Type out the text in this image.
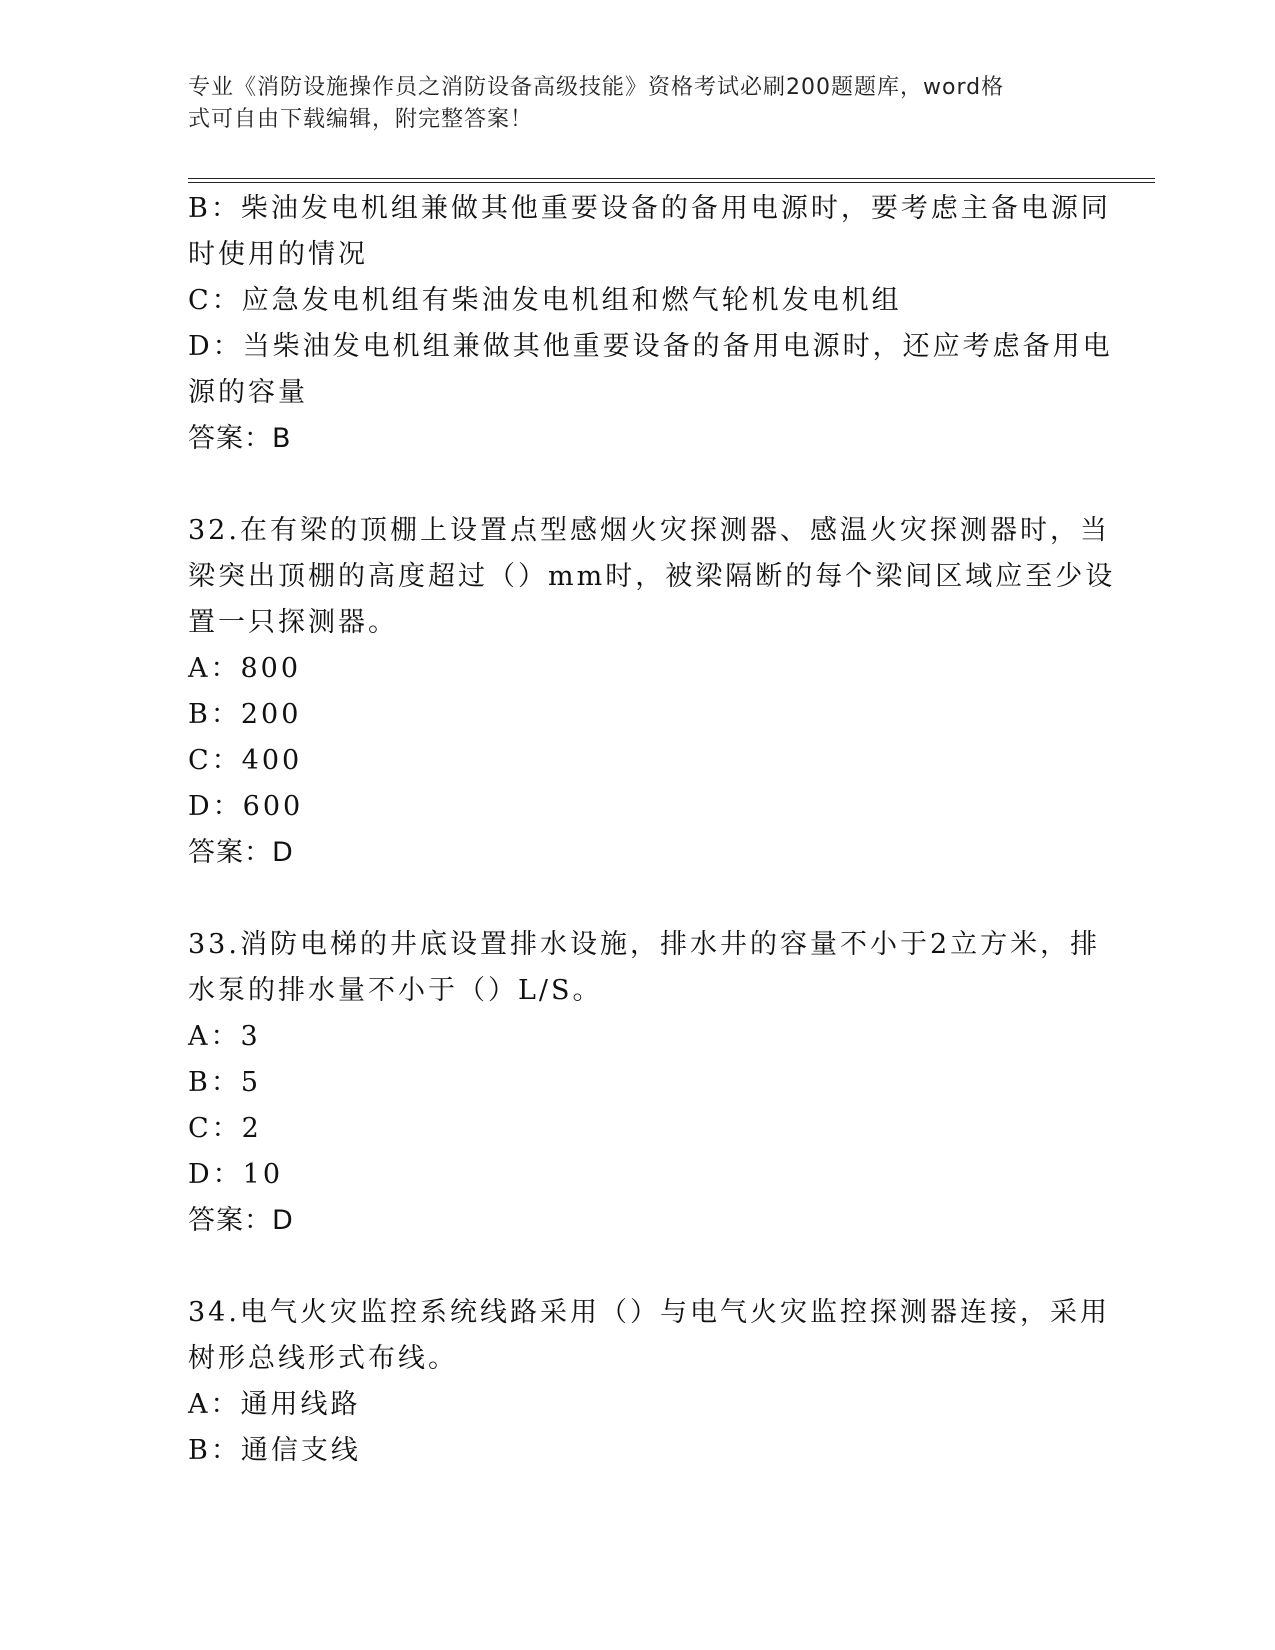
专业《消防设施操作员之消防设备高级技能》资格考试必刷200题题库，word格
式可自由下载编辑，附完整答案！
B：柴油发电机组兼做其他重要设备的备用电源时，要考虑主备电源同
时使用的情况
C：应急发电机组有柴油发电机组和燃气轮机发电机组
D：当柴油发电机组兼做其他重要设备的备用电源时，还应考虑备用电
源的容量
答案：B
32.在有梁的顶棚上设置点型感烟火灾探测器、感温火灾探测器时，当
梁突出顶棚的高度超过（）mm时，被梁隔断的每个梁间区域应至少设
置一只探测器。
A：800
B：200
C：400
D：600
答案：D
33.消防电梯的井底设置排水设施，排水井的容量不小于2立方米，排
水泵的排水量不小于（）L/S。
A：3
B：5
C：2
D：10
答案：D
34.电气火灾监控系统线路采用（）与电气火灾监控探测器连接，采用
树形总线形式布线。
A：通用线路
B：通信支线
